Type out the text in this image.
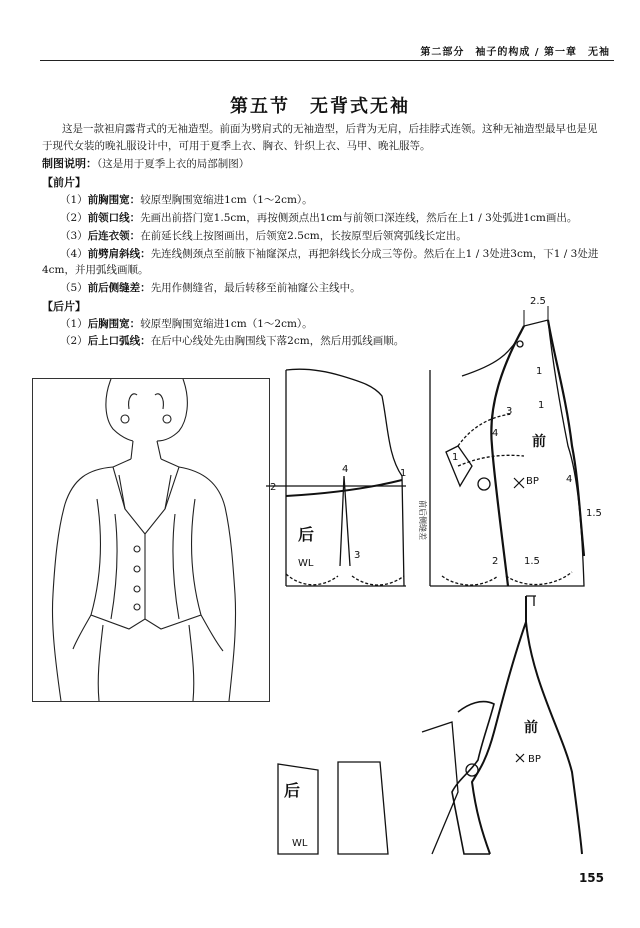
第二部分　袖子的构成 / 第一章　无袖
第五节　无背式无袖
这是一款袒肩露背式的无袖造型。前面为劈肩式的无袖造型，后背为无肩，后挂脖式连领。这种无袖造型最早也是见于现代女装的晚礼服设计中，可用于夏季上衣、胸衣、针织上衣、马甲、晚礼服等。
制图说明：（这是用于夏季上衣的局部制图）
【前片】
（1）前胸围宽：较原型胸围宽缩进1cm（1～2cm）。
（2）前领口线：先画出前搭门宽1.5cm，再按侧颈点出1cm与前领口深连线，然后在上1 / 3处弧进1cm画出。
（3）后连衣领：在前延长线上按图画出，后领宽2.5cm，长按原型后领窝弧线长定出。
（4）前劈肩斜线：先连线侧颈点至前腋下袖窿深点，再把斜线长分成三等份。然后在上1 / 3处进3cm，下1 / 3处进4cm，并用弧线画顺。
（5）前后侧缝差：先用作侧缝省，最后转移至前袖窿公主线中。
【后片】
（1）后胸围宽：较原型胸围宽缩进1cm（1～2cm）。
（2）后上口弧线：在后中心线处先由胸围线下落2cm，然后用弧线画顺。
2.5
2
1
4
3
后
WL
前
BP	4
1.5
1.5
2
3
4
1
1
1
前后侧缝差
后
WL
前
BP
155
